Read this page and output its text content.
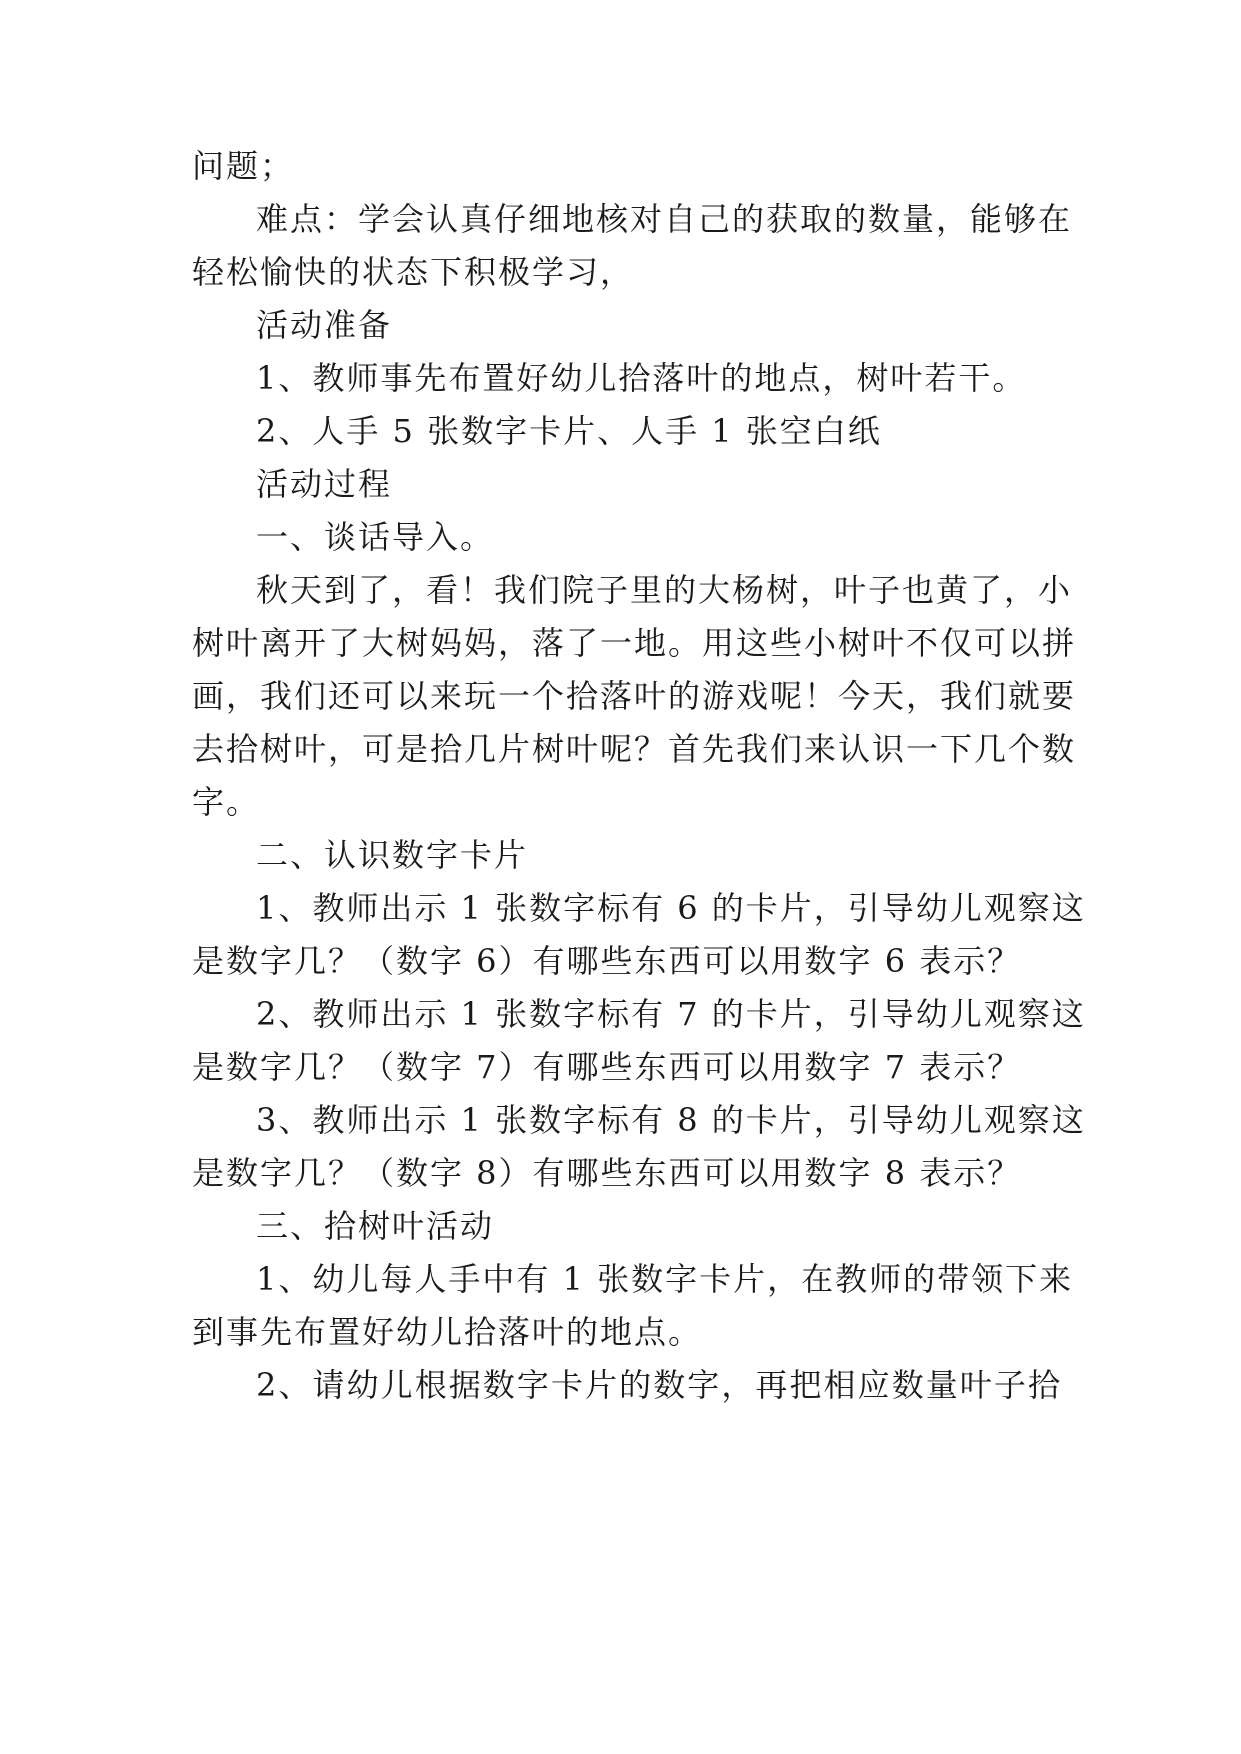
问题；
难点：学会认真仔细地核对自己的获取的数量，能够在
轻松愉快的状态下积极学习，
活动准备
1、教师事先布置好幼儿拾落叶的地点，树叶若干。
2、人手 5 张数字卡片、人手 1 张空白纸
活动过程
一、谈话导入。
秋天到了，看！我们院子里的大杨树，叶子也黄了，小
树叶离开了大树妈妈，落了一地。用这些小树叶不仅可以拼
画，我们还可以来玩一个拾落叶的游戏呢！今天，我们就要
去拾树叶，可是拾几片树叶呢？首先我们来认识一下几个数
字。
二、认识数字卡片
1、教师出示 1 张数字标有 6 的卡片，引导幼儿观察这
是数字几？（数字 6）有哪些东西可以用数字 6 表示？
2、教师出示 1 张数字标有 7 的卡片，引导幼儿观察这
是数字几？（数字 7）有哪些东西可以用数字 7 表示？
3、教师出示 1 张数字标有 8 的卡片，引导幼儿观察这
是数字几？（数字 8）有哪些东西可以用数字 8 表示？
三、拾树叶活动
1、幼儿每人手中有 1 张数字卡片，在教师的带领下来
到事先布置好幼儿拾落叶的地点。
2、请幼儿根据数字卡片的数字，再把相应数量叶子拾
